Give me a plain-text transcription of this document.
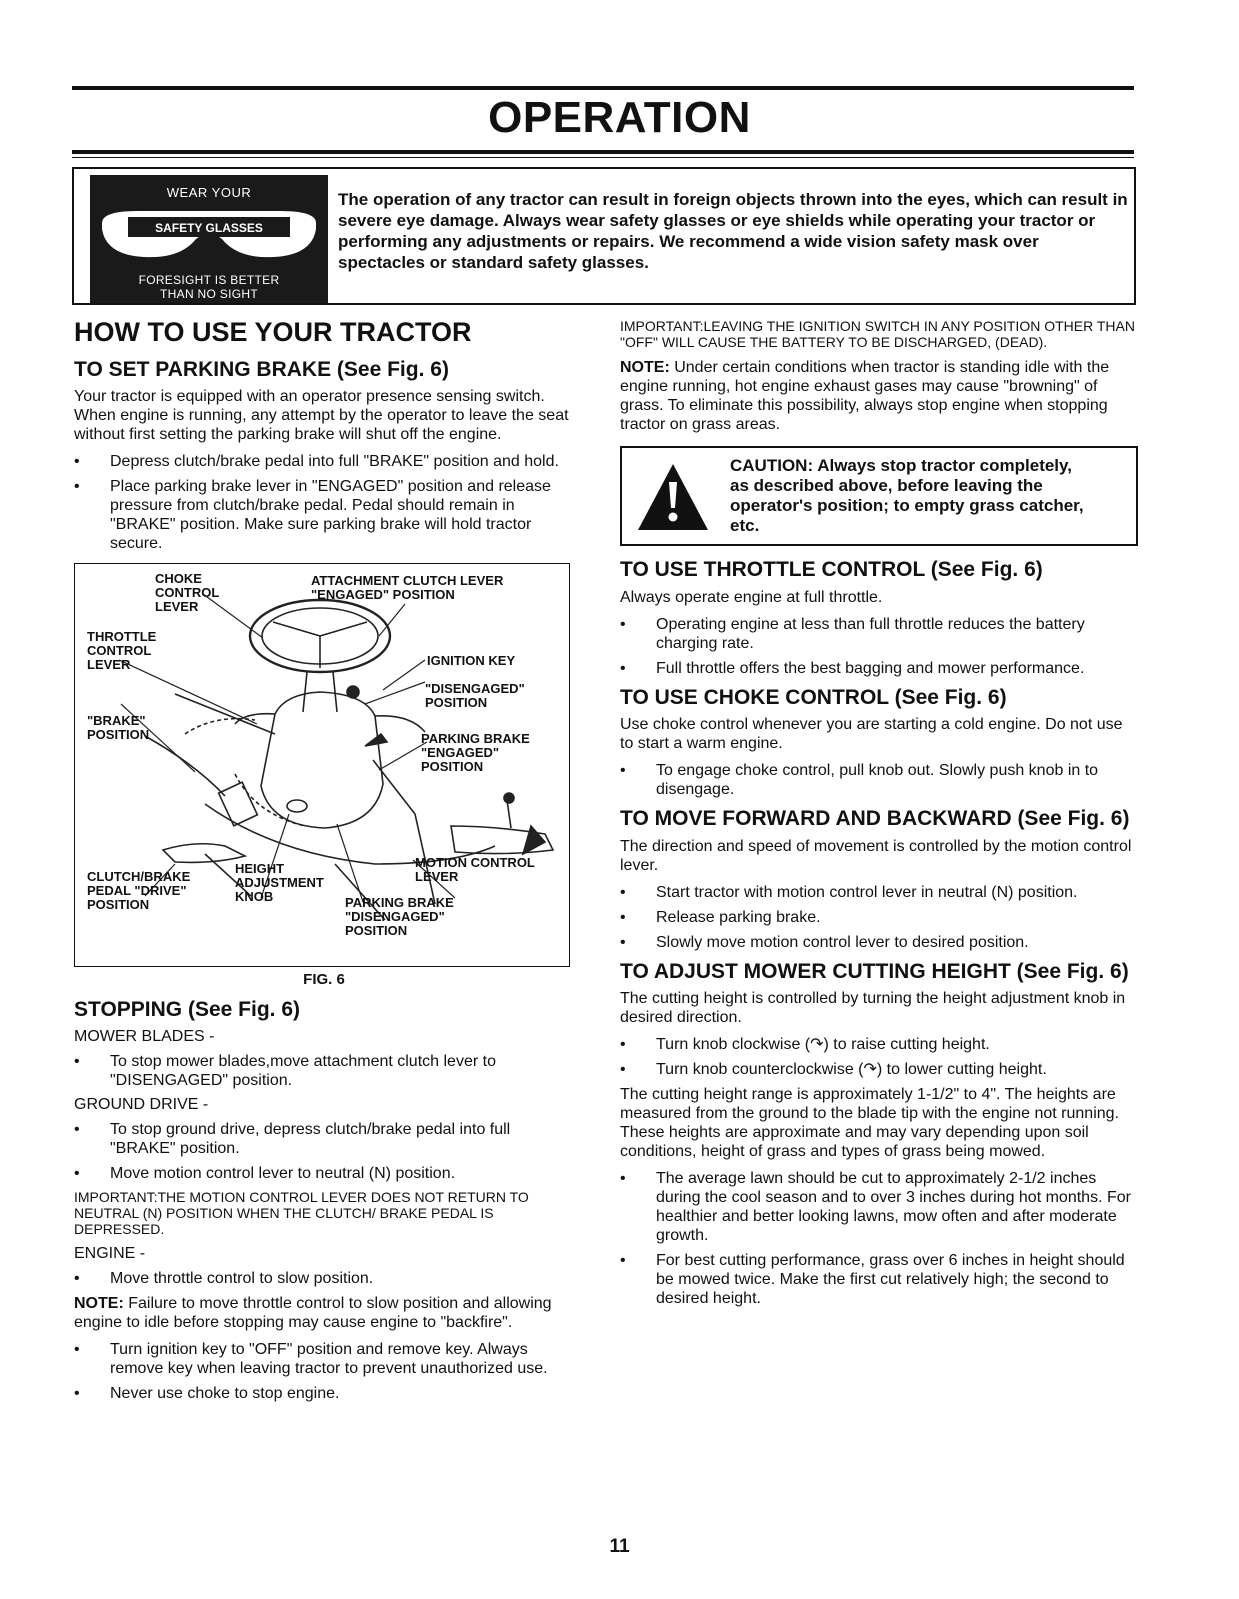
OPERATION
WEAR YOUR
SAFETY GLASSES
FORESIGHT IS BETTER
THAN NO SIGHT

The operation of any tractor can result in foreign objects thrown into the eyes, which can result in severe eye damage. Always wear safety glasses or eye shields while operating your tractor or performing any adjustments or repairs. We recommend a wide vision safety mask over spectacles or standard safety glasses.

HOW TO USE YOUR TRACTOR
TO SET PARKING BRAKE (See Fig. 6)

Your tractor is equipped with an operator presence sensing switch. When engine is running, any attempt by the operator to leave the seat without first setting the parking brake will shut off the engine.

• Depress clutch/brake pedal into full "BRAKE" position and hold.
• Place parking brake lever in "ENGAGED" position and release pressure from clutch/brake pedal. Pedal should remain in "BRAKE" position. Make sure parking brake will hold tractor secure.
CHOKE
CONTROL
LEVER
ATTACHMENT CLUTCH LEVER
"ENGAGED" POSITION
THROTTLE
CONTROL
LEVER	IGNITION KEY
"DISENGAGED"
POSITION
"BRAKE"
POSITION	PARKING BRAKE
"ENGAGED"
POSITION
CLUTCH/BRAKE
PEDAL "DRIVE"
POSITION
HEIGHT
ADJUSTMENT
KNOB	PARKING BRAKE
"DISENGAGED"
POSITION
MOTION CONTROL
LEVER
FIG. 6
STOPPING (See Fig. 6)
MOWER BLADES -
• To stop mower blades,move attachment clutch lever to "DISENGAGED" position.
GROUND DRIVE -
• To stop ground drive, depress clutch/brake pedal into full "BRAKE" position.
• Move motion control lever to neutral (N) position.

IMPORTANT:THE MOTION CONTROL LEVER DOES NOT RETURN TO NEUTRAL (N) POSITION WHEN THE CLUTCH/ BRAKE PEDAL IS DEPRESSED.

ENGINE -
• Move throttle control to slow position.

NOTE: Failure to move throttle control to slow position and allowing engine to idle before stopping may cause engine to "backfire".

• Turn ignition key to "OFF" position and remove key. Always remove key when leaving tractor to prevent unauthorized use.
• Never use choke to stop engine.

IMPORTANT:LEAVING THE IGNITION SWITCH IN ANY POSITION OTHER THAN "OFF" WILL CAUSE THE BATTERY TO BE DISCHARGED, (DEAD).

NOTE: Under certain conditions when tractor is standing idle with the engine running, hot engine exhaust gases may cause "browning" of grass. To eliminate this possibility, always stop engine when stopping tractor on grass areas.

CAUTION: Always stop tractor completely, as described above, before leaving the operator's position; to empty grass catcher, etc.

TO USE THROTTLE CONTROL (See Fig. 6)

Always operate engine at full throttle.

• Operating engine at less than full throttle reduces the battery charging rate.
• Full throttle offers the best bagging and mower performance.
TO USE CHOKE CONTROL (See Fig. 6)

Use choke control whenever you are starting a cold engine. Do not use to start a warm engine.

• To engage choke control, pull knob out. Slowly push knob in to disengage.
TO MOVE FORWARD AND BACKWARD (See Fig. 6)

The direction and speed of movement is controlled by the motion control lever.

• Start tractor with motion control lever in neutral (N) position.
• Release parking brake.
• Slowly move motion control lever to desired position.
TO ADJUST MOWER CUTTING HEIGHT (See Fig. 6)

The cutting height is controlled by turning the height adjustment knob in desired direction.

• Turn knob clockwise (↷) to raise cutting height.
• Turn knob counterclockwise (↷) to lower cutting height.

The cutting height range is approximately 1-1/2" to 4". The heights are measured from the ground to the blade tip with the engine not running. These heights are approximate and may vary depending upon soil conditions, height of grass and types of grass being mowed.

• The average lawn should be cut to approximately 2-1/2 inches during the cool season and to over 3 inches during hot months. For healthier and better looking lawns, mow often and after moderate growth.
• For best cutting performance, grass over 6 inches in height should be mowed twice. Make the first cut relatively high; the second to desired height.
11
